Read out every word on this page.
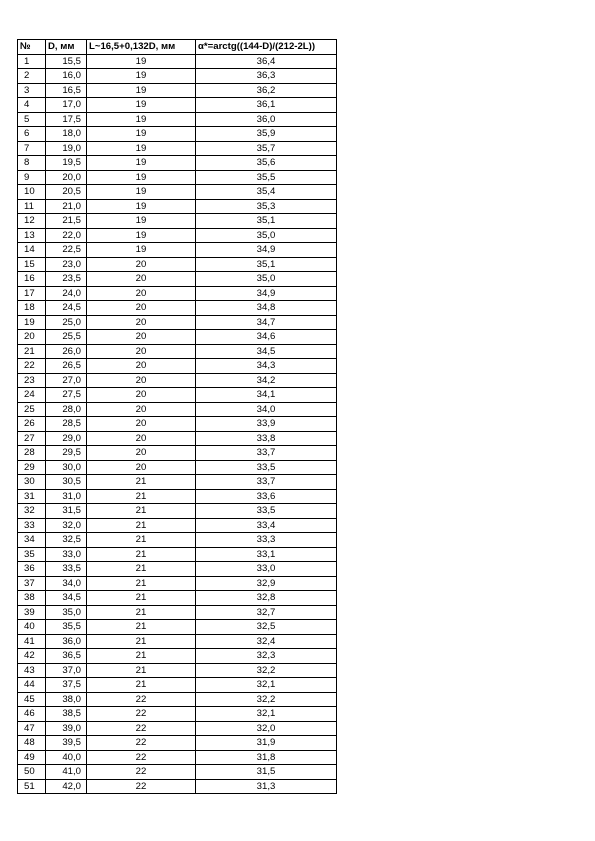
№	D, мм	L~16,5+0,132D, мм	α*=arctg((144-D)/(212-2L))
1	15,5	19	36,4
2	16,0	19	36,3
3	16,5	19	36,2
4	17,0	19	36,1
5	17,5	19	36,0
6	18,0	19	35,9
7	19,0	19	35,7
8	19,5	19	35,6
9	20,0	19	35,5
10	20,5	19	35,4
11	21,0	19	35,3
12	21,5	19	35,1
13	22,0	19	35,0
14	22,5	19	34,9
15	23,0	20	35,1
16	23,5	20	35,0
17	24,0	20	34,9
18	24,5	20	34,8
19	25,0	20	34,7
20	25,5	20	34,6
21	26,0	20	34,5
22	26,5	20	34,3
23	27,0	20	34,2
24	27,5	20	34,1
25	28,0	20	34,0
26	28,5	20	33,9
27	29,0	20	33,8
28	29,5	20	33,7
29	30,0	20	33,5
30	30,5	21	33,7
31	31,0	21	33,6
32	31,5	21	33,5
33	32,0	21	33,4
34	32,5	21	33,3
35	33,0	21	33,1
36	33,5	21	33,0
37	34,0	21	32,9
38	34,5	21	32,8
39	35,0	21	32,7
40	35,5	21	32,5
41	36,0	21	32,4
42	36,5	21	32,3
43	37,0	21	32,2
44	37,5	21	32,1
45	38,0	22	32,2
46	38,5	22	32,1
47	39,0	22	32,0
48	39,5	22	31,9
49	40,0	22	31,8
50	41,0	22	31,5
51	42,0	22	31,3
